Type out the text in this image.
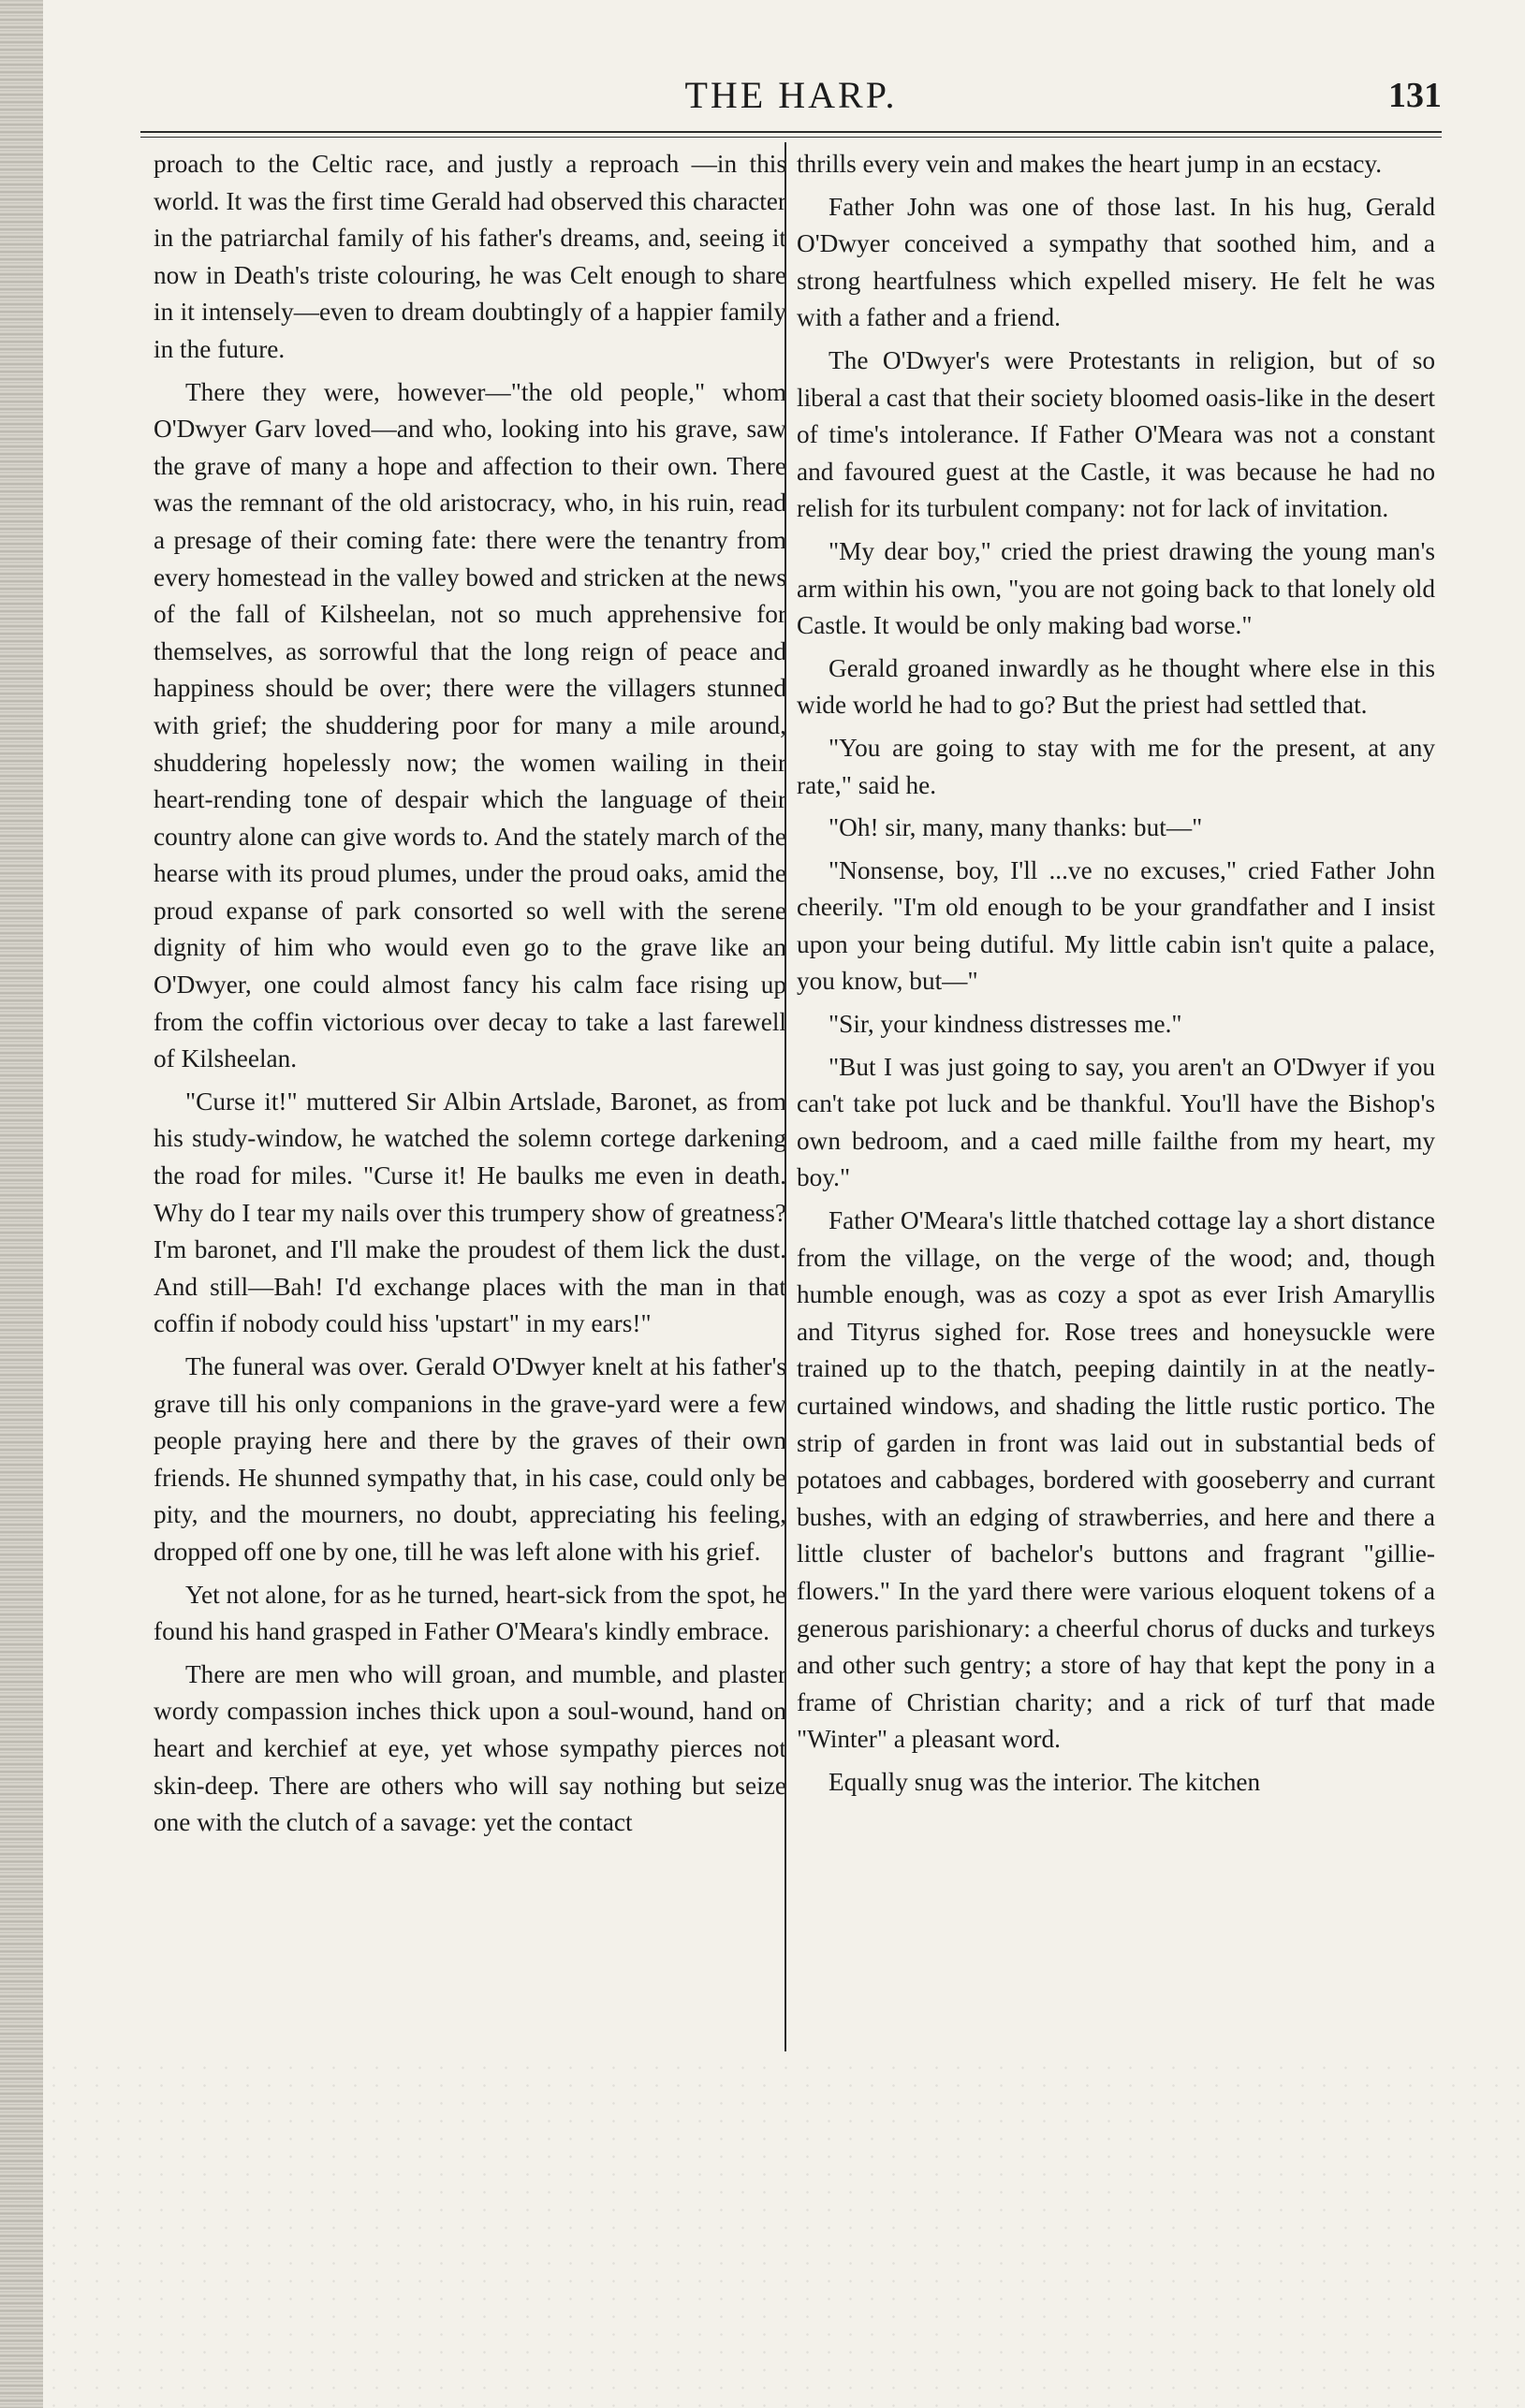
THE HARP.	131

proach to the Celtic race, and justly a reproach —in this world. It was the first time Gerald had observed this character in the patriarchal family of his father's dreams, and, seeing it now in Death's triste colouring, he was Celt enough to share in it intensely—even to dream doubtingly of a happier family in the future.

There they were, however—"the old people," whom O'Dwyer Garv loved—and who, looking into his grave, saw the grave of many a hope and affection to their own. There was the remnant of the old aristocracy, who, in his ruin, read a presage of their coming fate: there were the tenantry from every homestead in the valley bowed and stricken at the news of the fall of Kilsheelan, not so much apprehensive for themselves, as sorrowful that the long reign of peace and happiness should be over; there were the villagers stunned with grief; the shuddering poor for many a mile around, shuddering hopelessly now; the women wailing in their heart-rending tone of despair which the language of their country alone can give words to. And the stately march of the hearse with its proud plumes, under the proud oaks, amid the proud expanse of park consorted so well with the serene dignity of him who would even go to the grave like an O'Dwyer, one could almost fancy his calm face rising up from the coffin victorious over decay to take a last farewell of Kilsheelan.

"Curse it!" muttered Sir Albin Artslade, Baronet, as from his study-window, he watched the solemn cortege darkening the road for miles. "Curse it! He baulks me even in death. Why do I tear my nails over this trumpery show of greatness? I'm baronet, and I'll make the proudest of them lick the dust. And still—Bah! I'd exchange places with the man in that coffin if nobody could hiss 'upstart" in my ears!"

The funeral was over. Gerald O'Dwyer knelt at his father's grave till his only companions in the grave-yard were a few people praying here and there by the graves of their own friends. He shunned sympathy that, in his case, could only be pity, and the mourners, no doubt, appreciating his feeling, dropped off one by one, till he was left alone with his grief.

Yet not alone, for as he turned, heart-sick from the spot, he found his hand grasped in Father O'Meara's kindly embrace.

There are men who will groan, and mumble, and plaster wordy compassion inches thick upon a soul-wound, hand on heart and kerchief at eye, yet whose sympathy pierces not skin-deep. There are others who will say nothing but seize one with the clutch of a savage: yet the contact

thrills every vein and makes the heart jump in an ecstacy.

Father John was one of those last. In his hug, Gerald O'Dwyer conceived a sympathy that soothed him, and a strong heartfulness which expelled misery. He felt he was with a father and a friend.

The O'Dwyer's were Protestants in religion, but of so liberal a cast that their society bloomed oasis-like in the desert of time's intolerance. If Father O'Meara was not a constant and favoured guest at the Castle, it was because he had no relish for its turbulent company: not for lack of invitation.

"My dear boy," cried the priest drawing the young man's arm within his own, "you are not going back to that lonely old Castle. It would be only making bad worse."

Gerald groaned inwardly as he thought where else in this wide world he had to go? But the priest had settled that.

"You are going to stay with me for the present, at any rate," said he.

"Oh! sir, many, many thanks: but—"

"Nonsense, boy, I'll ...ve no excuses," cried Father John cheerily. "I'm old enough to be your grandfather and I insist upon your being dutiful. My little cabin isn't quite a palace, you know, but—"

"Sir, your kindness distresses me."

"But I was just going to say, you aren't an O'Dwyer if you can't take pot luck and be thankful. You'll have the Bishop's own bedroom, and a caed mille failthe from my heart, my boy."

Father O'Meara's little thatched cottage lay a short distance from the village, on the verge of the wood; and, though humble enough, was as cozy a spot as ever Irish Amaryllis and Tityrus sighed for. Rose trees and honeysuckle were trained up to the thatch, peeping daintily in at the neatly-curtained windows, and shading the little rustic portico. The strip of garden in front was laid out in substantial beds of potatoes and cabbages, bordered with gooseberry and currant bushes, with an edging of strawberries, and here and there a little cluster of bachelor's buttons and fragrant "gillie-flowers." In the yard there were various eloquent tokens of a generous parishionary: a cheerful chorus of ducks and turkeys and other such gentry; a store of hay that kept the pony in a frame of Christian charity; and a rick of turf that made "Winter" a pleasant word.

Equally snug was the interior. The kitchen
